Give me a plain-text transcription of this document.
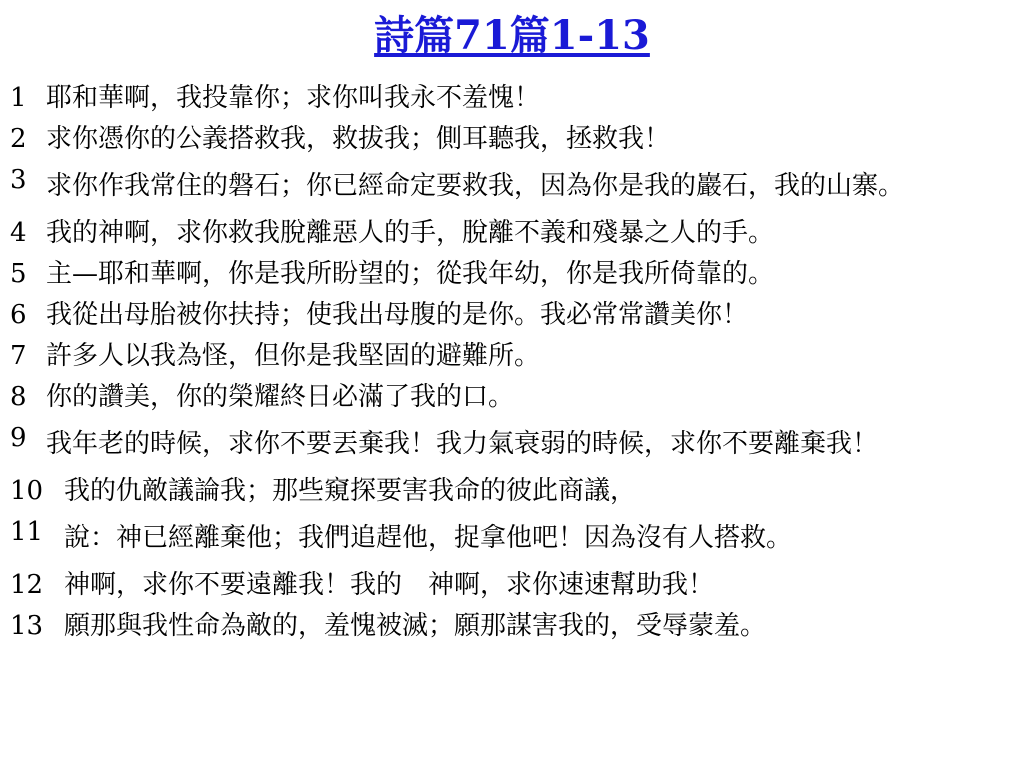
詩篇71篇1-13
1 耶和華啊，我投靠你；求你叫我永不羞愧！
2 求你憑你的公義搭救我，救拔我；側耳聽我，拯救我！
3 求你作我常住的磐石；你已經命定要救我，因為你是我的巖石，我的山寨。
4 我的神啊，求你救我脫離惡人的手，脫離不義和殘暴之人的手。
5 主—耶和華啊，你是我所盼望的；從我年幼，你是我所倚靠的。
6 我從出母胎被你扶持；使我出母腹的是你。我必常常讚美你！
7 許多人以我為怪，但你是我堅固的避難所。
8 你的讚美，你的榮耀終日必滿了我的口。
9 我年老的時候，求你不要丟棄我！我力氣衰弱的時候，求你不要離棄我！
10 我的仇敵議論我；那些窺探要害我命的彼此商議，
11 說：神已經離棄他；我們追趕他，捉拿他吧！因為沒有人搭救。
12 神啊，求你不要遠離我！我的　神啊，求你速速幫助我！
13 願那與我性命為敵的，羞愧被滅；願那謀害我的，受辱蒙羞。
